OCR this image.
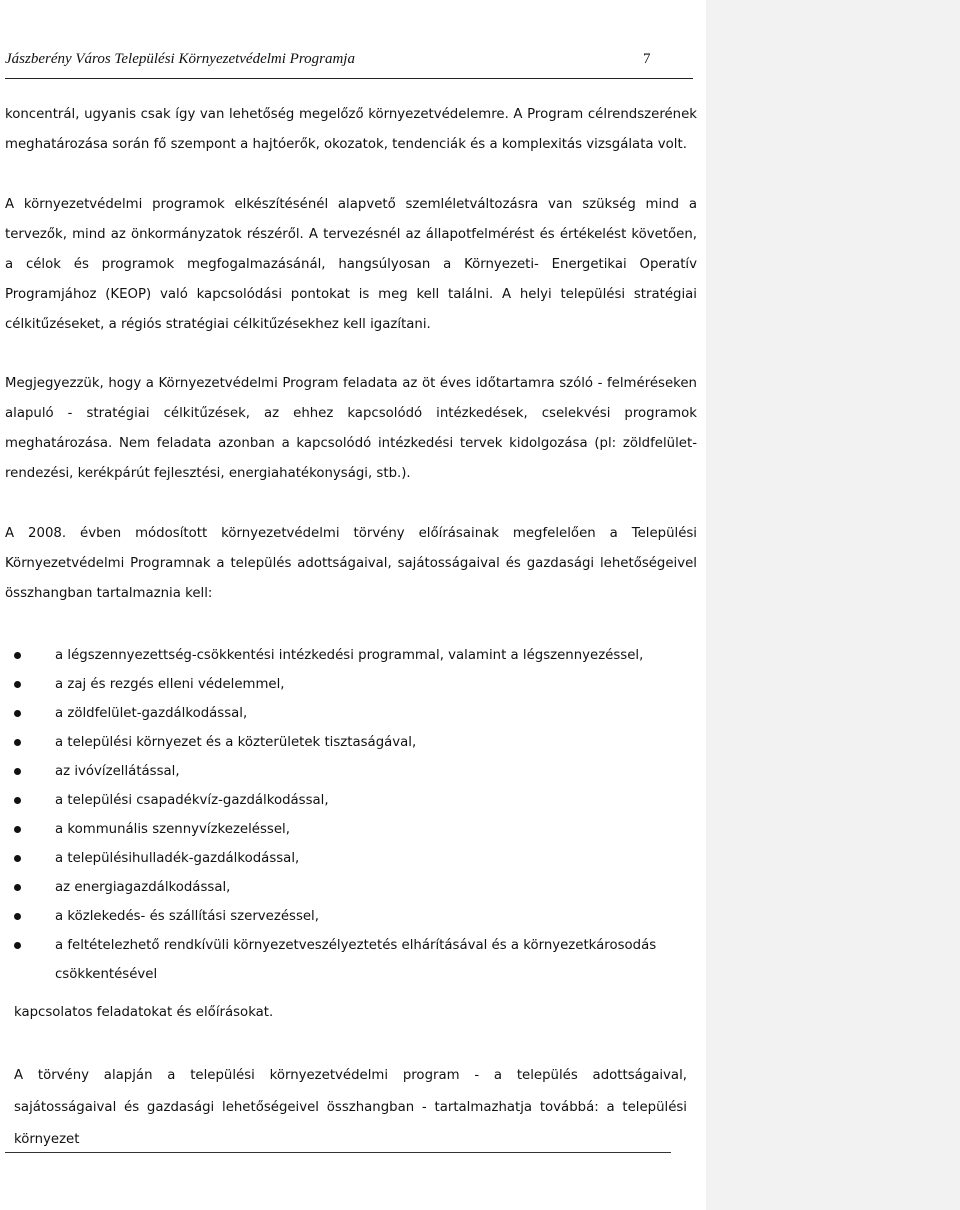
Jászberény Város Települési Környezetvédelmi Programja	7

koncentrál, ugyanis csak így van lehetőség megelőző környezetvédelemre. A Program célrendszerének meghatározása során fő szempont a hajtóerők, okozatok, tendenciák és a komplexitás vizsgálata volt.

A környezetvédelmi programok elkészítésénél alapvető szemléletváltozásra van szükség mind a tervezők, mind az önkormányzatok részéről. A tervezésnél az állapotfelmérést és értékelést követően, a célok és programok megfogalmazásánál, hangsúlyosan a Környezeti- Energetikai Operatív Programjához (KEOP) való kapcsolódási pontokat is meg kell találni. A helyi települési stratégiai célkitűzéseket, a régiós stratégiai célkitűzésekhez kell igazítani.

Megjegyezzük, hogy a Környezetvédelmi Program feladata az öt éves időtartamra szóló - felméréseken alapuló - stratégiai célkitűzések, az ehhez kapcsolódó intézkedések, cselekvési programok meghatározása. Nem feladata azonban a kapcsolódó intézkedési tervek kidolgozása (pl: zöldfelület-rendezési, kerékpárút fejlesztési, energiahatékonysági, stb.).

A 2008. évben módosított környezetvédelmi törvény előírásainak megfelelően a Települési Környezetvédelmi Programnak a település adottságaival, sajátosságaival és gazdasági lehetőségeivel összhangban tartalmaznia kell:

a légszennyezettség-csökkentési intézkedési programmal, valamint a légszennyezéssel,
a zaj és rezgés elleni védelemmel,
a zöldfelület-gazdálkodással,
a települési környezet és a közterületek tisztaságával,
az ivóvízellátással,
a települési csapadékvíz-gazdálkodással,
a kommunális szennyvízkezeléssel,
a településihulladék-gazdálkodással,
az energiagazdálkodással,
a közlekedés- és szállítási szervezéssel,
a feltételezhető rendkívüli környezetveszélyeztetés elhárításával és a környezetkárosodás csökkentésével

kapcsolatos feladatokat és előírásokat.

A törvény alapján a települési környezetvédelmi program - a település adottságaival, sajátosságaival és gazdasági lehetőségeivel összhangban - tartalmazhatja továbbá: a települési környezet
